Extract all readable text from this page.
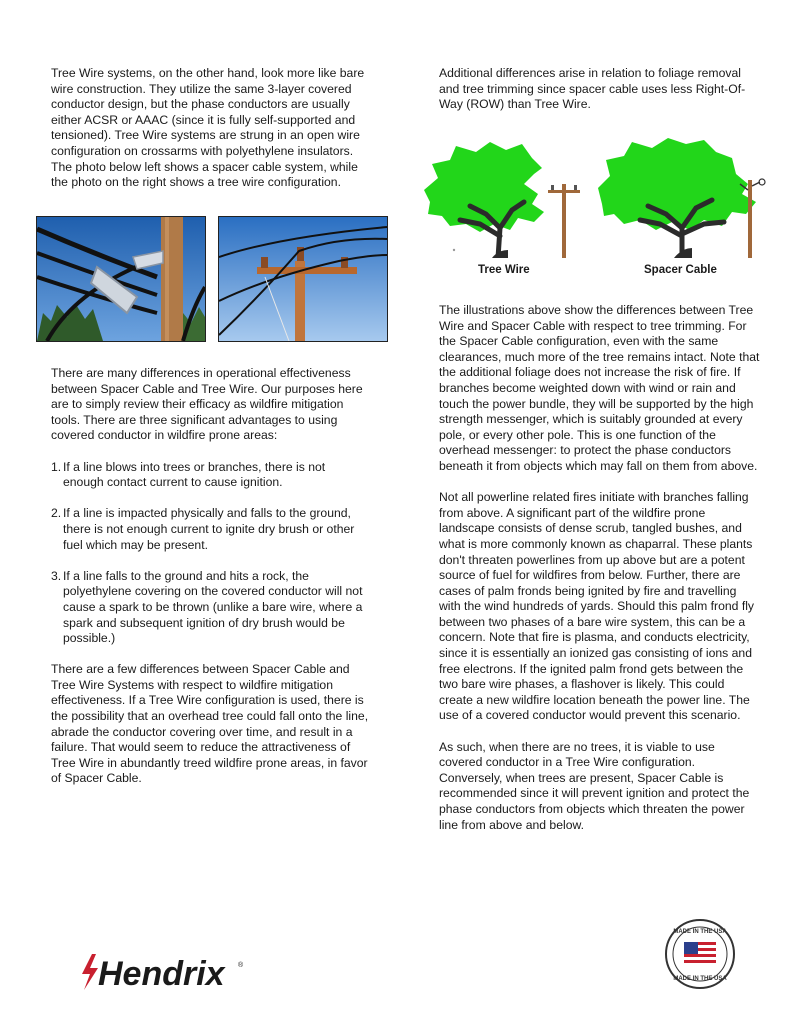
Tree Wire systems, on the other hand, look more like bare wire construction. They utilize the same 3-layer covered conductor design, but the phase conductors are usually either ACSR or AAAC (since it is fully self-supported and tensioned). Tree Wire systems are strung in an open wire configuration on crossarms with polyethylene insulators. The photo below left shows a spacer cable system, while the photo on the right shows a tree wire configuration.

There are many differences in operational effectiveness between Spacer Cable and Tree Wire. Our purposes here are to simply review their efficacy as wildfire mitigation tools. There are three significant advantages to using covered conductor in wildfire prone areas:

1. If a line blows into trees or branches, there is not enough contact current to cause ignition.
2. If a line is impacted physically and falls to the ground, there is not enough current to ignite dry brush or other fuel which may be present.
3. If a line falls to the ground and hits a rock, the polyethylene covering on the covered conductor will not cause a spark to be thrown (unlike a bare wire, where a spark and subsequent ignition of dry brush would be possible.)

There are a few differences between Spacer Cable and Tree Wire Systems with respect to wildfire mitigation effectiveness. If a Tree Wire configuration is used, there is the possibility that an overhead tree could fall onto the line, abrade the conductor covering over time, and result in a failure. That would seem to reduce the attractiveness of Tree Wire in abundantly treed wildfire prone areas, in favor of Spacer Cable.

Additional differences arise in relation to foliage removal and tree trimming since spacer cable uses less Right-Of-Way (ROW) than Tree Wire.

Tree Wire	Spacer Cable

The illustrations above show the differences between Tree Wire and Spacer Cable with respect to tree trimming. For the Spacer Cable configuration, even with the same clearances, much more of the tree remains intact. Note that the additional foliage does not increase the risk of fire. If branches become weighted down with wind or rain and touch the power bundle, they will be supported by the high strength messenger, which is suitably grounded at every pole, or every other pole. This is one function of the overhead messenger: to protect the phase conductors beneath it from objects which may fall on them from above.

Not all powerline related fires initiate with branches falling from above. A significant part of the wildfire prone landscape consists of dense scrub, tangled bushes, and what is more commonly known as chaparral. These plants don't threaten powerlines from up above but are a potent source of fuel for wildfires from below. Further, there are cases of palm fronds being ignited by fire and travelling with the wind hundreds of yards. Should this palm frond fly between two phases of a bare wire system, this can be a concern. Note that fire is plasma, and conducts electricity, since it is essentially an ionized gas consisting of ions and free electrons. If the ignited palm frond gets between the two bare wire phases, a flashover is likely. This could create a new wildfire location beneath the power line. The use of a covered conductor would prevent this scenario.

As such, when there are no trees, it is viable to use covered conductor in a Tree Wire configuration. Conversely, when trees are present, Spacer Cable is recommended since it will prevent ignition and protect the phase conductors from objects which threaten the power line from above and below.

Hendrix ®
MADE IN THE USA
MADE IN THE USA
